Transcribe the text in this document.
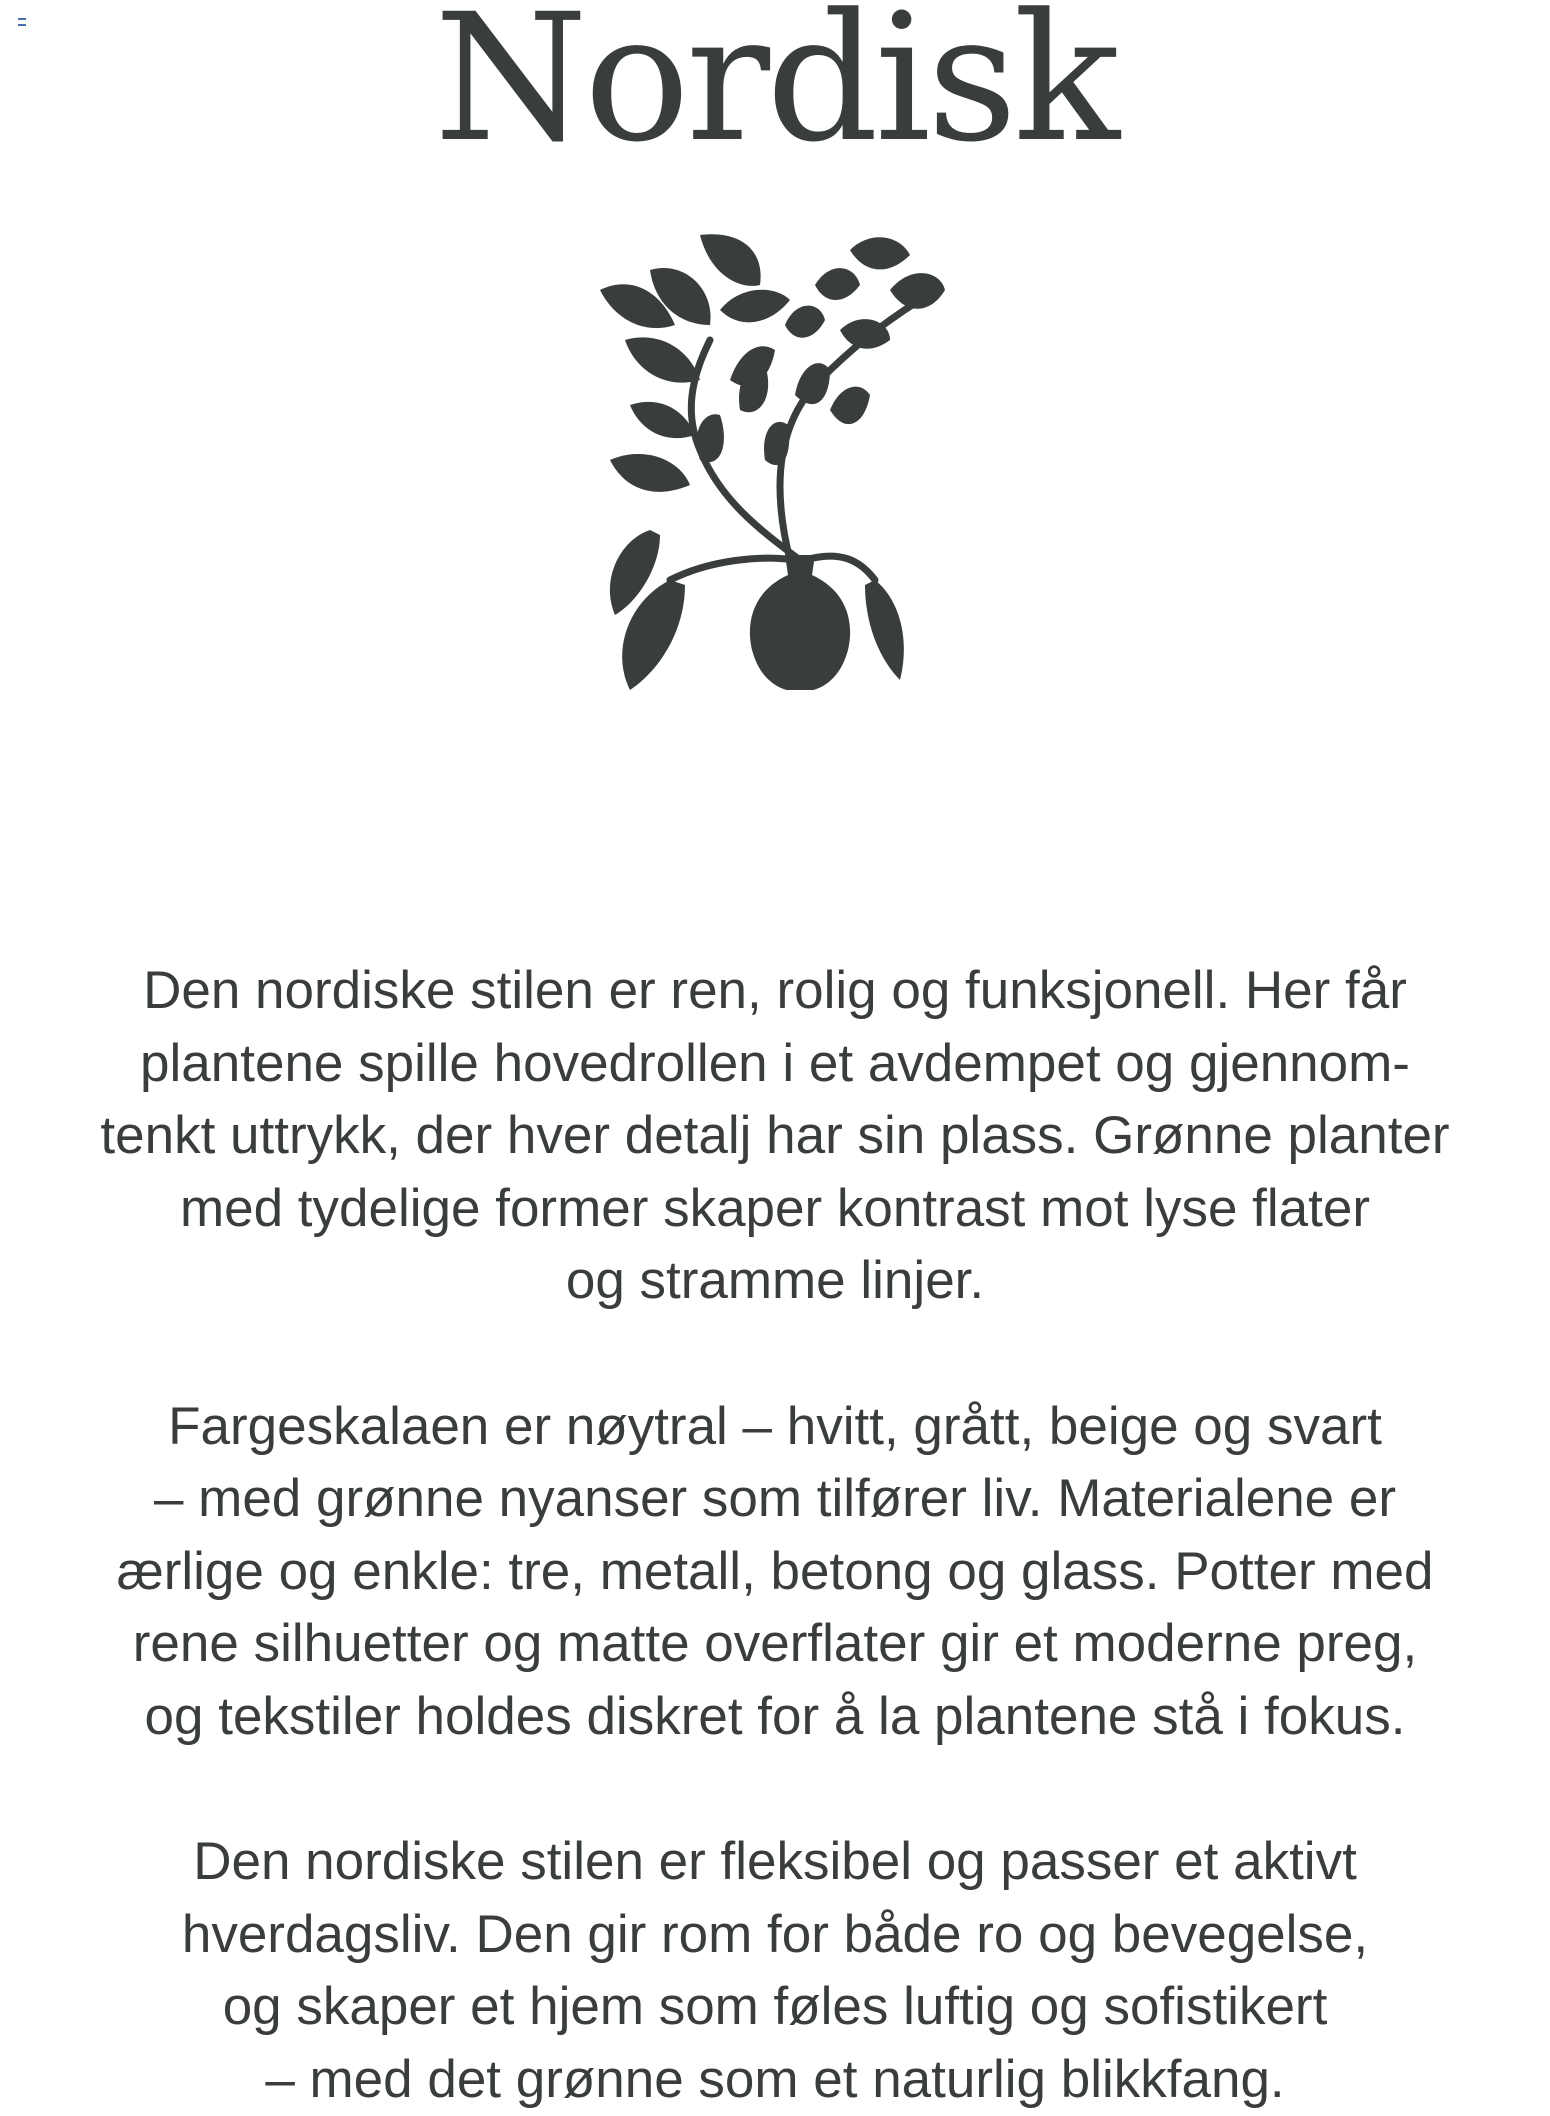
Nordisk

Den nordiske stilen er ren, rolig og funksjonell. Her får
plantene spille hovedrollen i et avdempet og gjennom-
tenkt uttrykk, der hver detalj har sin plass. Grønne planter
med tydelige former skaper kontrast mot lyse flater
og stramme linjer.

Fargeskalaen er nøytral – hvitt, grått, beige og svart
– med grønne nyanser som tilfører liv. Materialene er
ærlige og enkle: tre, metall, betong og glass. Potter med
rene silhuetter og matte overflater gir et moderne preg,
og tekstiler holdes diskret for å la plantene stå i fokus.

Den nordiske stilen er fleksibel og passer et aktivt
hverdagsliv. Den gir rom for både ro og bevegelse,
og skaper et hjem som føles luftig og sofistikert
– med det grønne som et naturlig blikkfang.
